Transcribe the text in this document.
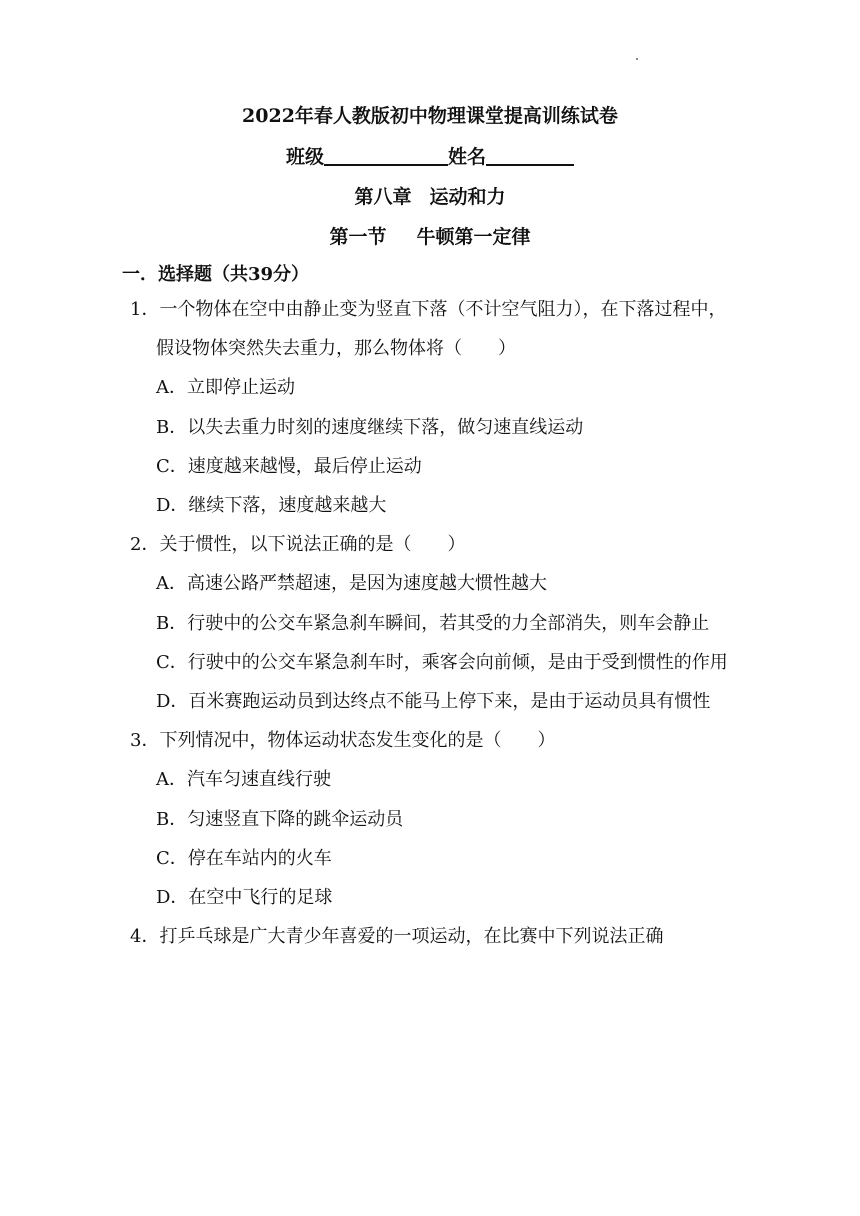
2022年春人教版初中物理课堂提高训练试卷
班级	姓名
第八章 运动和力
第一节 牛顿第一定律
一．选择题（共39分）
1．一个物体在空中由静止变为竖直下落（不计空气阻力），在下落过程中，假设物体突然失去重力，那么物体将（　　）
A．立即停止运动
B．以失去重力时刻的速度继续下落，做匀速直线运动
C．速度越来越慢，最后停止运动
D．继续下落，速度越来越大
2．关于惯性，以下说法正确的是（　　）
A．高速公路严禁超速，是因为速度越大惯性越大
B．行驶中的公交车紧急刹车瞬间，若其受的力全部消失，则车会静止
C．行驶中的公交车紧急刹车时，乘客会向前倾，是由于受到惯性的作用
D．百米赛跑运动员到达终点不能马上停下来，是由于运动员具有惯性
3．下列情况中，物体运动状态发生变化的是（　　）
A．汽车匀速直线行驶
B．匀速竖直下降的跳伞运动员
C．停在车站内的火车
D．在空中飞行的足球
4．打乒乓球是广大青少年喜爱的一项运动，在比赛中下列说法正确
